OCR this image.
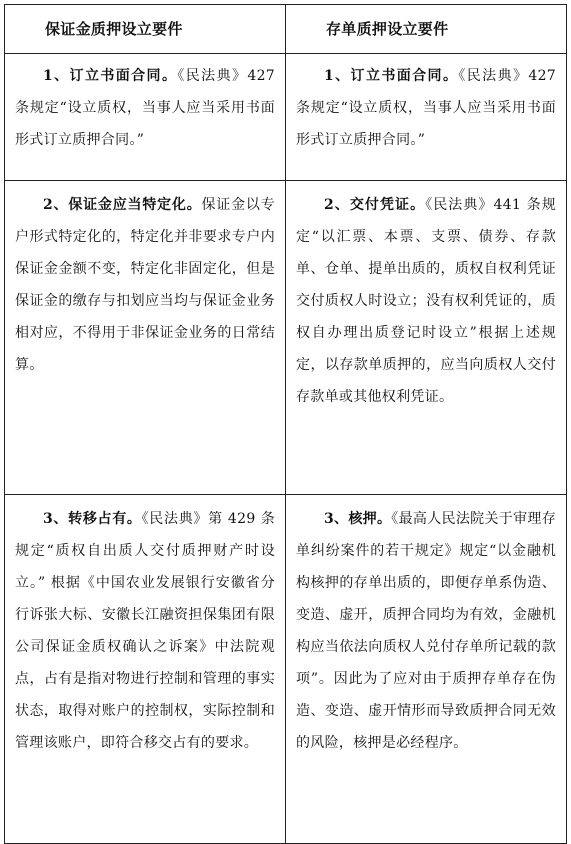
保证金质押设立要件	存单质押设立要件

1、订立书面合同。《民法典》427 条规定“设立质权，当事人应当采用书面形式订立质押合同。”	1、订立书面合同。《民法典》427 条规定“设立质权，当事人应当采用书面形式订立质押合同。”

2、保证金应当特定化。保证金以专户形式特定化的，特定化并非要求专户内保证金金额不变，特定化非固定化，但是保证金的缴存与扣划应当均与保证金业务相对应，不得用于非保证金业务的日常结算。	2、交付凭证。《民法典》441 条规定“以汇票、本票、支票、债券、存款单、仓单、提单出质的，质权自权利凭证交付质权人时设立；没有权利凭证的，质权自办理出质登记时设立”根据上述规定，以存款单质押的，应当向质权人交付存款单或其他权利凭证。

3、转移占有。《民法典》第 429 条规定“质权自出质人交付质押财产时设立。” 根据《中国农业发展银行安徽省分行诉张大标、安徽长江融资担保集团有限公司保证金质权确认之诉案》中法院观点，占有是指对物进行控制和管理的事实状态，取得对账户的控制权，实际控制和管理该账户，即符合移交占有的要求。	3、核押。《最高人民法院关于审理存单纠纷案件的若干规定》规定“以金融机构核押的存单出质的，即便存单系伪造、变造、虚开，质押合同均为有效，金融机构应当依法向质权人兑付存单所记载的款项”。因此为了应对由于质押存单存在伪造、变造、虚开情形而导致质押合同无效的风险，核押是必经程序。
